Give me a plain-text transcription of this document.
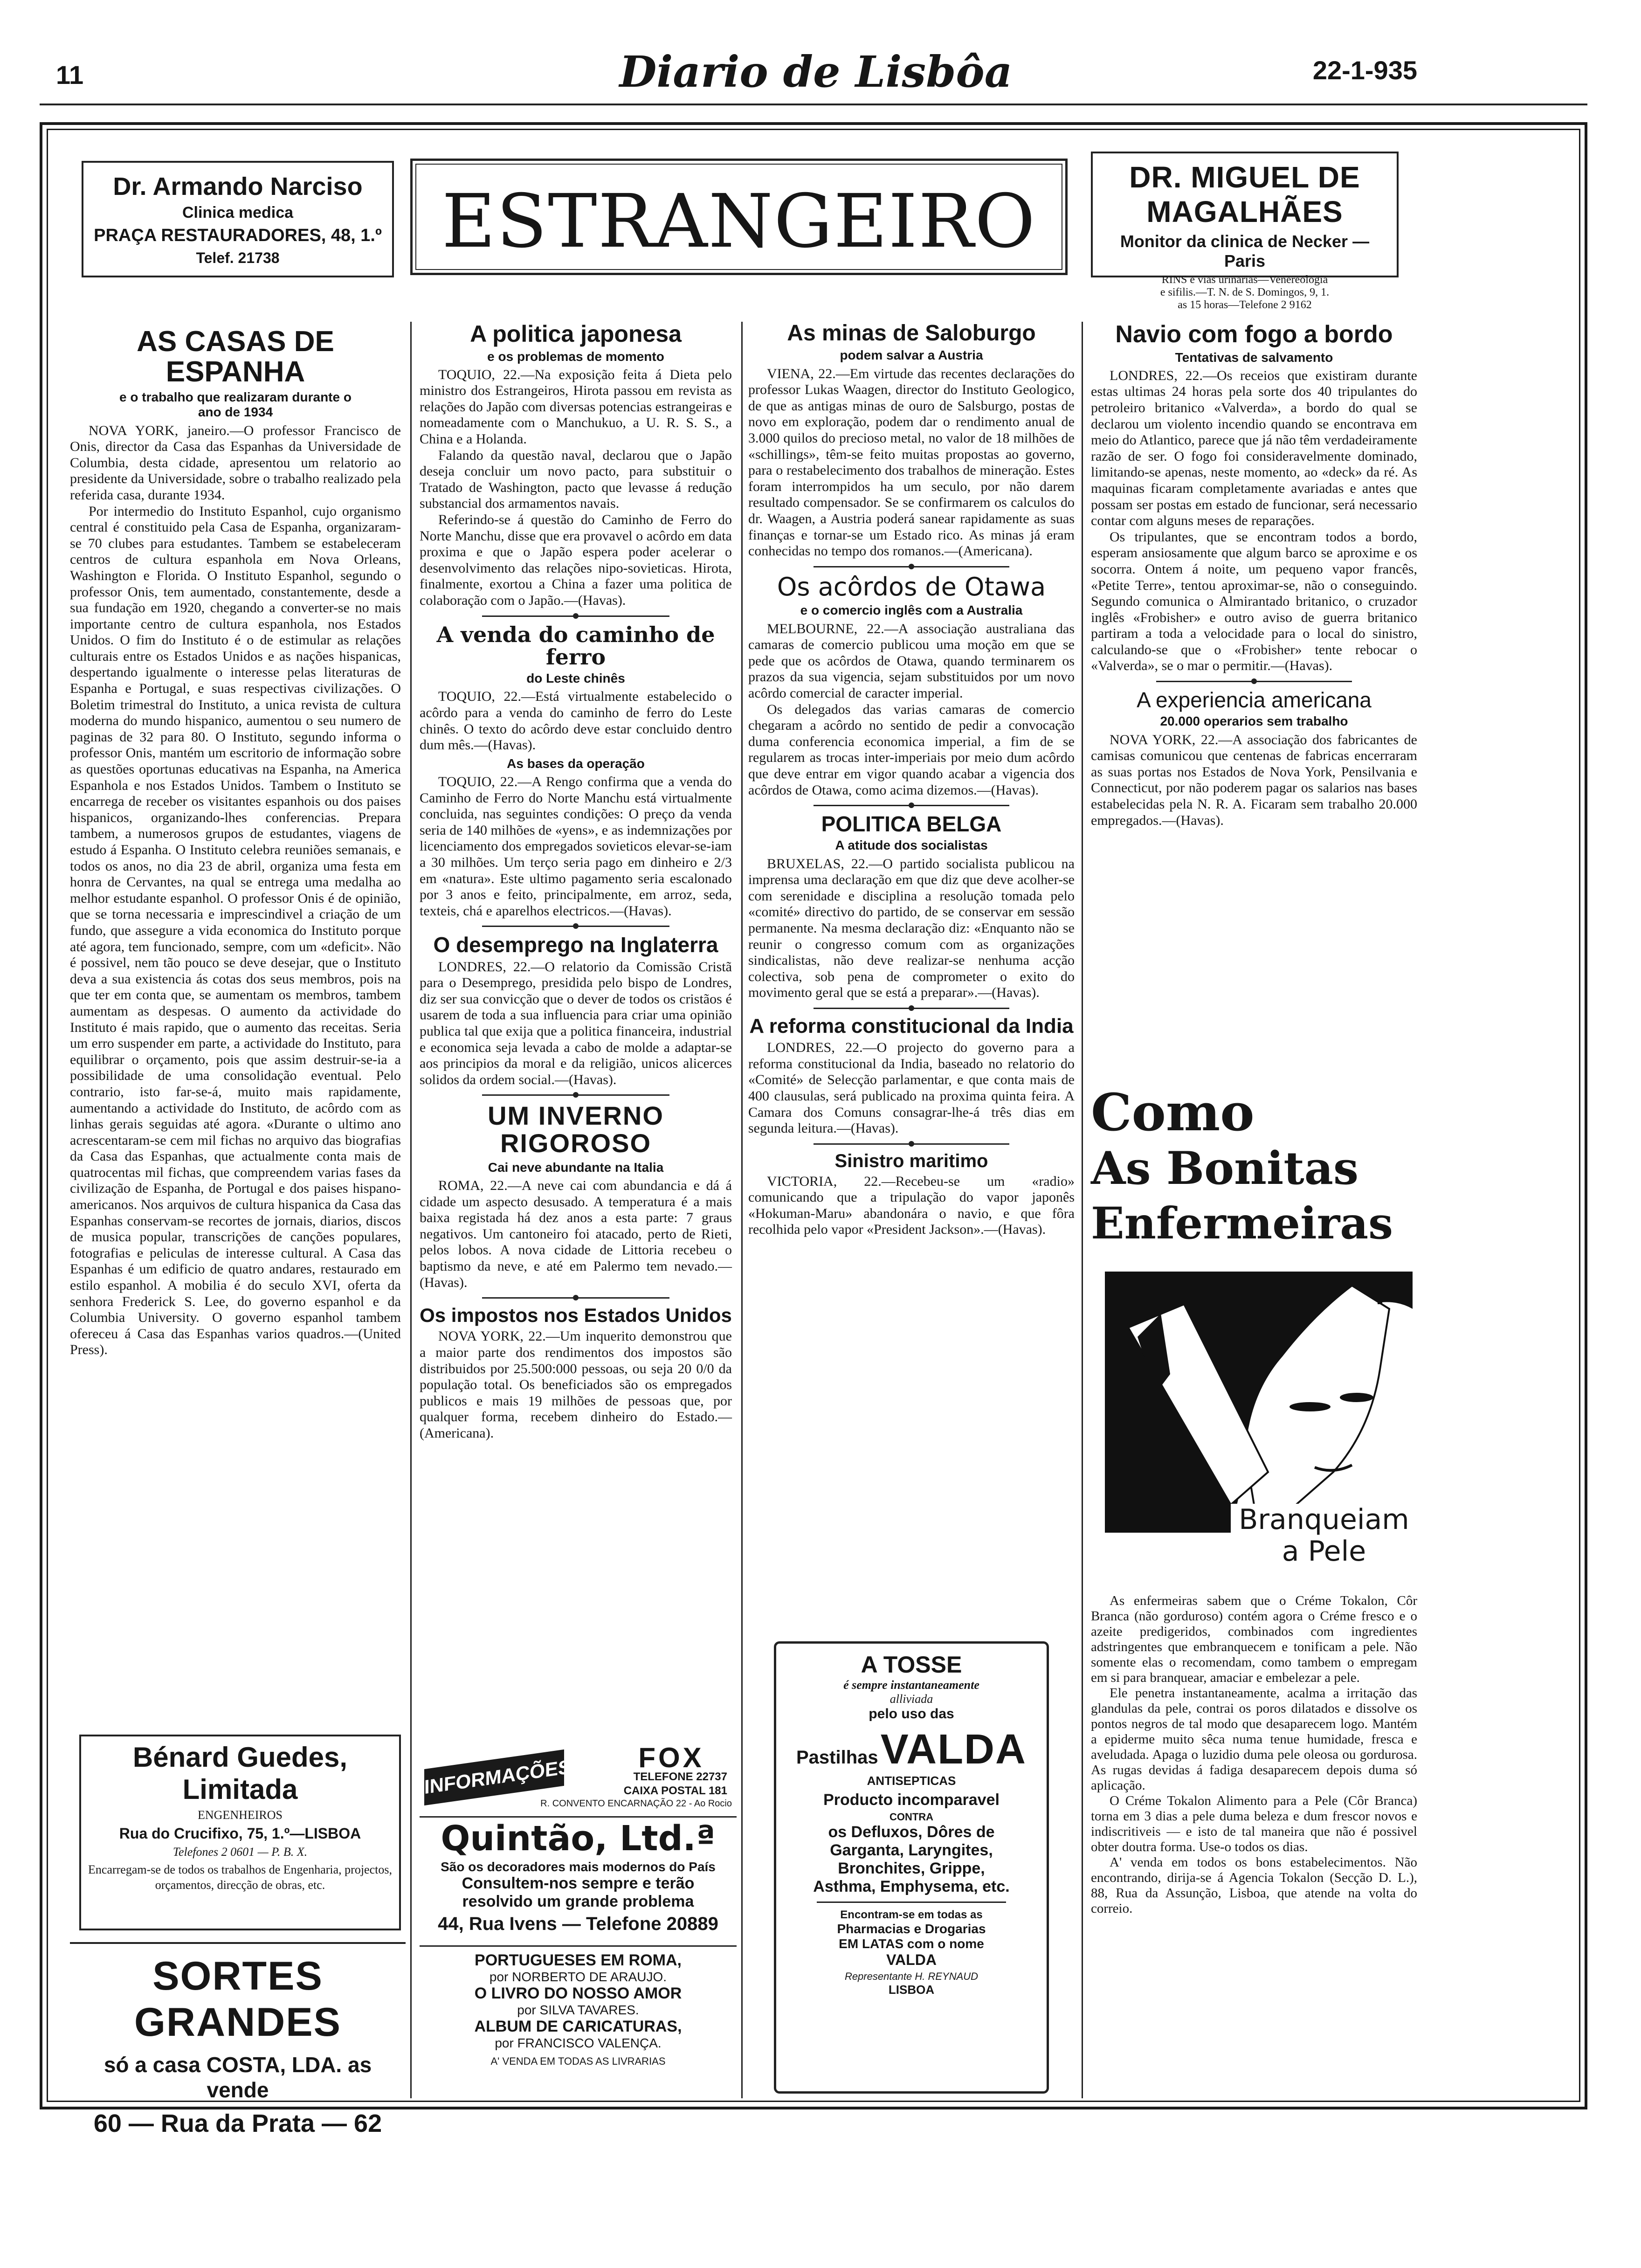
11	Diario de Lisbôa	22-1-935
Dr. Armando Narciso
Clinica medica
PRAÇA RESTAURADORES, 48, 1.º
Telef. 21738	ESTRANGEIRO
DR. MIGUEL DE MAGALHÃES
Monitor da clinica de Necker — Paris
RINS e vias urinarias—Venereologia
e sifilis.—T. N. de S. Domingos, 9, 1.
as 15 horas—Telefone 2 9162
AS CASAS DE ESPANHA
e o trabalho que realizaram durante o ano de 1934

NOVA YORK, janeiro.—O professor Francisco de Onis, director da Casa das Espanhas da Universidade de Columbia, desta cidade, apresentou um relatorio ao presidente da Universidade, sobre o trabalho realizado pela referida casa, durante 1934.

Por intermedio do Instituto Espanhol, cujo organismo central é constituido pela Casa de Espanha, organizaram-se 70 clubes para estudantes. Tambem se estabeleceram centros de cultura espanhola em Nova Orleans, Washington e Florida. O Instituto Espanhol, segundo o professor Onis, tem aumentado, constantemente, desde a sua fundação em 1920, chegando a converter-se no mais importante centro de cultura espanhola, nos Estados Unidos. O fim do Instituto é o de estimular as relações culturais entre os Estados Unidos e as nações hispanicas, despertando igualmente o interesse pelas literaturas de Espanha e Portugal, e suas respectivas civilizações. O Boletim trimestral do Instituto, a unica revista de cultura moderna do mundo hispanico, aumentou o seu numero de paginas de 32 para 80. O Instituto, segundo informa o professor Onis, mantém um escritorio de informação sobre as questões oportunas educativas na Espanha, na America Espanhola e nos Estados Unidos. Tambem o Instituto se encarrega de receber os visitantes espanhois ou dos paises hispanicos, organizando-lhes conferencias. Prepara tambem, a numerosos grupos de estudantes, viagens de estudo á Espanha. O Instituto celebra reuniões semanais, e todos os anos, no dia 23 de abril, organiza uma festa em honra de Cervantes, na qual se entrega uma medalha ao melhor estudante espanhol. O professor Onis é de opinião, que se torna necessaria e imprescindivel a criação de um fundo, que assegure a vida economica do Instituto porque até agora, tem funcionado, sempre, com um «deficit». Não é possivel, nem tão pouco se deve desejar, que o Instituto deva a sua existencia ás cotas dos seus membros, pois na que ter em conta que, se aumentam os membros, tambem aumentam as despesas. O aumento da actividade do Instituto é mais rapido, que o aumento das receitas. Seria um erro suspender em parte, a actividade do Instituto, para equilibrar o orçamento, pois que assim destruir-se-ia a possibilidade de uma consolidação eventual. Pelo contrario, isto far-se-á, muito mais rapidamente, aumentando a actividade do Instituto, de acôrdo com as linhas gerais seguidas até agora. «Durante o ultimo ano acrescentaram-se cem mil fichas no arquivo das biografias da Casa das Espanhas, que actualmente conta mais de quatrocentas mil fichas, que compreendem varias fases da civilização de Espanha, de Portugal e dos paises hispano-americanos. Nos arquivos de cultura hispanica da Casa das Espanhas conservam-se recortes de jornais, diarios, discos de musica popular, transcrições de canções populares, fotografias e peliculas de interesse cultural. A Casa das Espanhas é um edificio de quatro andares, restaurado em estilo espanhol. A mobilia é do seculo XVI, oferta da senhora Frederick S. Lee, do governo espanhol e da Columbia University. O governo espanhol tambem ofereceu á Casa das Espanhas varios quadros.—(United Press).

Bénard Guedes, Limitada
ENGENHEIROS
Rua do Crucifixo, 75, 1.º—LISBOA
Telefones 2 0601 — P. B. X.
Encarregam-se de todos os trabalhos de Engenharia, projectos, orçamentos, direcção de obras, etc.
SORTES GRANDES
só a casa COSTA, LDA. as vende
60 — Rua da Prata — 62
A politica japonesa
e os problemas de momento

TOQUIO, 22.—Na exposição feita á Dieta pelo ministro dos Estrangeiros, Hirota passou em revista as relações do Japão com diversas potencias estrangeiras e nomeadamente com o Manchukuo, a U. R. S. S., a China e a Holanda.

Falando da questão naval, declarou que o Japão deseja concluir um novo pacto, para substituir o Tratado de Washington, pacto que levasse á redução substancial dos armamentos navais.

Referindo-se á questão do Caminho de Ferro do Norte Manchu, disse que era provavel o acôrdo em data proxima e que o Japão espera poder acelerar o desenvolvimento das relações nipo-sovieticas. Hirota, finalmente, exortou a China a fazer uma politica de colaboração com o Japão.—(Havas).

A venda do caminho de ferro
do Leste chinês

TOQUIO, 22.—Está virtualmente estabelecido o acôrdo para a venda do caminho de ferro do Leste chinês. O texto do acôrdo deve estar concluido dentro dum mês.—(Havas).

As bases da operação

TOQUIO, 22.—A Rengo confirma que a venda do Caminho de Ferro do Norte Manchu está virtualmente concluida, nas seguintes condições: O preço da venda seria de 140 milhões de «yens», e as indemnizações por licenciamento dos empregados sovieticos elevar-se-iam a 30 milhões. Um terço seria pago em dinheiro e 2/3 em «natura». Este ultimo pagamento seria escalonado por 3 anos e feito, principalmente, em arroz, seda, texteis, chá e aparelhos electricos.—(Havas).

O desemprego na Inglaterra

LONDRES, 22.—O relatorio da Comissão Cristã para o Desemprego, presidida pelo bispo de Londres, diz ser sua convicção que o dever de todos os cristãos é usarem de toda a sua influencia para criar uma opinião publica tal que exija que a politica financeira, industrial e economica seja levada a cabo de molde a adaptar-se aos principios da moral e da religião, unicos alicerces solidos da ordem social.—(Havas).

UM INVERNO RIGOROSO
Cai neve abundante na Italia

ROMA, 22.—A neve cai com abundancia e dá á cidade um aspecto desusado. A temperatura é a mais baixa registada há dez anos a esta parte: 7 graus negativos. Um cantoneiro foi atacado, perto de Rieti, pelos lobos. A nova cidade de Littoria recebeu o baptismo da neve, e até em Palermo tem nevado.—(Havas).

Os impostos nos Estados Unidos

NOVA YORK, 22.—Um inquerito demonstrou que a maior parte dos rendimentos dos impostos são distribuidos por 25.500:000 pessoas, ou seja 20 0/0 da população total. Os beneficiados são os empregados publicos e mais 19 milhões de pessoas que, por qualquer forma, recebem dinheiro do Estado.—(Americana).

INFORMAÇÕES	FOX
TELEFONE 22737
CAIXA POSTAL 181
R. CONVENTO ENCARNAÇÃO 22 - Ao Rocio
Quintão, Ltd.ª
São os decoradores mais modernos do País
Consultem-nos sempre e terão
resolvido um grande problema
44, Rua Ivens — Telefone 20889
PORTUGUESES EM ROMA,
por NORBERTO DE ARAUJO.
O LIVRO DO NOSSO AMOR
por SILVA TAVARES.
ALBUM DE CARICATURAS,
por FRANCISCO VALENÇA.
A' VENDA EM TODAS AS LIVRARIAS
As minas de Saloburgo
podem salvar a Austria

VIENA, 22.—Em virtude das recentes declarações do professor Lukas Waagen, director do Instituto Geologico, de que as antigas minas de ouro de Salsburgo, postas de novo em exploração, podem dar o rendimento anual de 3.000 quilos do precioso metal, no valor de 18 milhões de «schillings», têm-se feito muitas propostas ao governo, para o restabelecimento dos trabalhos de mineração. Estes foram interrompidos ha um seculo, por não darem resultado compensador. Se se confirmarem os calculos do dr. Waagen, a Austria poderá sanear rapidamente as suas finanças e tornar-se um Estado rico. As minas já eram conhecidas no tempo dos romanos.—(Americana).

Os acôrdos de Otawa
e o comercio inglês com a Australia

MELBOURNE, 22.—A associação australiana das camaras de comercio publicou uma moção em que se pede que os acôrdos de Otawa, quando terminarem os prazos da sua vigencia, sejam substituidos por um novo acôrdo comercial de caracter imperial.

Os delegados das varias camaras de comercio chegaram a acôrdo no sentido de pedir a convocação duma conferencia economica imperial, a fim de se regularem as trocas inter-imperiais por meio dum acôrdo que deve entrar em vigor quando acabar a vigencia dos acôrdos de Otawa, como acima dizemos.—(Havas).

POLITICA BELGA
A atitude dos socialistas

BRUXELAS, 22.—O partido socialista publicou na imprensa uma declaração em que diz que deve acolher-se com serenidade e disciplina a resolução tomada pelo «comité» directivo do partido, de se conservar em sessão permanente. Na mesma declaração diz: «Enquanto não se reunir o congresso comum com as organizações sindicalistas, não deve realizar-se nenhuma acção colectiva, sob pena de comprometer o exito do movimento geral que se está a preparar».—(Havas).

A reforma constitucional da India

LONDRES, 22.—O projecto do governo para a reforma constitucional da India, baseado no relatorio do «Comité» de Selecção parlamentar, e que conta mais de 400 clausulas, será publicado na proxima quinta feira. A Camara dos Comuns consagrar-lhe-á três dias em segunda leitura.—(Havas).

Sinistro maritimo

VICTORIA, 22.—Recebeu-se um «radio» comunicando que a tripulação do vapor japonês «Hokuman-Maru» abandonára o navio, e que fôra recolhida pelo vapor «President Jackson».—(Havas).

A TOSSE
é sempre instantaneamente
alliviada
pelo uso das
Pastilhas VALDA
ANTISEPTICAS
Producto incomparavel
CONTRA
os Defluxos, Dôres de
Garganta, Laryngites,
Bronchites, Grippe,
Asthma, Emphysema, etc.
Encontram-se em todas as
Pharmacias e Drogarias
EM LATAS com o nome
VALDA
Representante H. REYNAUD
LISBOA
Navio com fogo a bordo
Tentativas de salvamento

LONDRES, 22.—Os receios que existiram durante estas ultimas 24 horas pela sorte dos 40 tripulantes do petroleiro britanico «Valverda», a bordo do qual se declarou um violento incendio quando se encontrava em meio do Atlantico, parece que já não têm verdadeiramente razão de ser. O fogo foi consideravelmente dominado, limitando-se apenas, neste momento, ao «deck» da ré. As maquinas ficaram completamente avariadas e antes que possam ser postas em estado de funcionar, será necessario contar com alguns meses de reparações.

Os tripulantes, que se encontram todos a bordo, esperam ansiosamente que algum barco se aproxime e os socorra. Ontem á noite, um pequeno vapor francês, «Petite Terre», tentou aproximar-se, não o conseguindo. Segundo comunica o Almirantado britanico, o cruzador inglês «Frobisher» e outro aviso de guerra britanico partiram a toda a velocidade para o local do sinistro, calculando-se que o «Frobisher» tente rebocar o «Valverda», se o mar o permitir.—(Havas).

A experiencia americana
20.000 operarios sem trabalho

NOVA YORK, 22.—A associação dos fabricantes de camisas comunicou que centenas de fabricas encerraram as suas portas nos Estados de Nova York, Pensilvania e Connecticut, por não poderem pagar os salarios nas bases estabelecidas pela N. R. A. Ficaram sem trabalho 20.000 empregados.—(Havas).

Como
As Bonitas
Enfermeiras
Branqueiam
a Pele

As enfermeiras sabem que o Créme Tokalon, Côr Branca (não gorduroso) contém agora o Créme fresco e o azeite predigeridos, combinados com ingredientes adstringentes que embranquecem e tonificam a pele. Não somente elas o recomendam, como tambem o empregam em si para branquear, amaciar e embelezar a pele.

Ele penetra instantaneamente, acalma a irritação das glandulas da pele, contrai os poros dilatados e dissolve os pontos negros de tal modo que desaparecem logo. Mantém a epiderme muito sêca numa tenue humidade, fresca e aveludada. Apaga o luzidio duma pele oleosa ou gordurosa. As rugas devidas á fadiga desaparecem depois duma só aplicação.

O Créme Tokalon Alimento para a Pele (Côr Branca) torna em 3 dias a pele duma beleza e dum frescor novos e indiscritiveis — e isto de tal maneira que não é possivel obter doutra forma. Use-o todos os dias.

A' venda em todos os bons estabelecimentos. Não encontrando, dirija-se á Agencia Tokalon (Secção D. L.), 88, Rua da Assunção, Lisboa, que atende na volta do correio.
